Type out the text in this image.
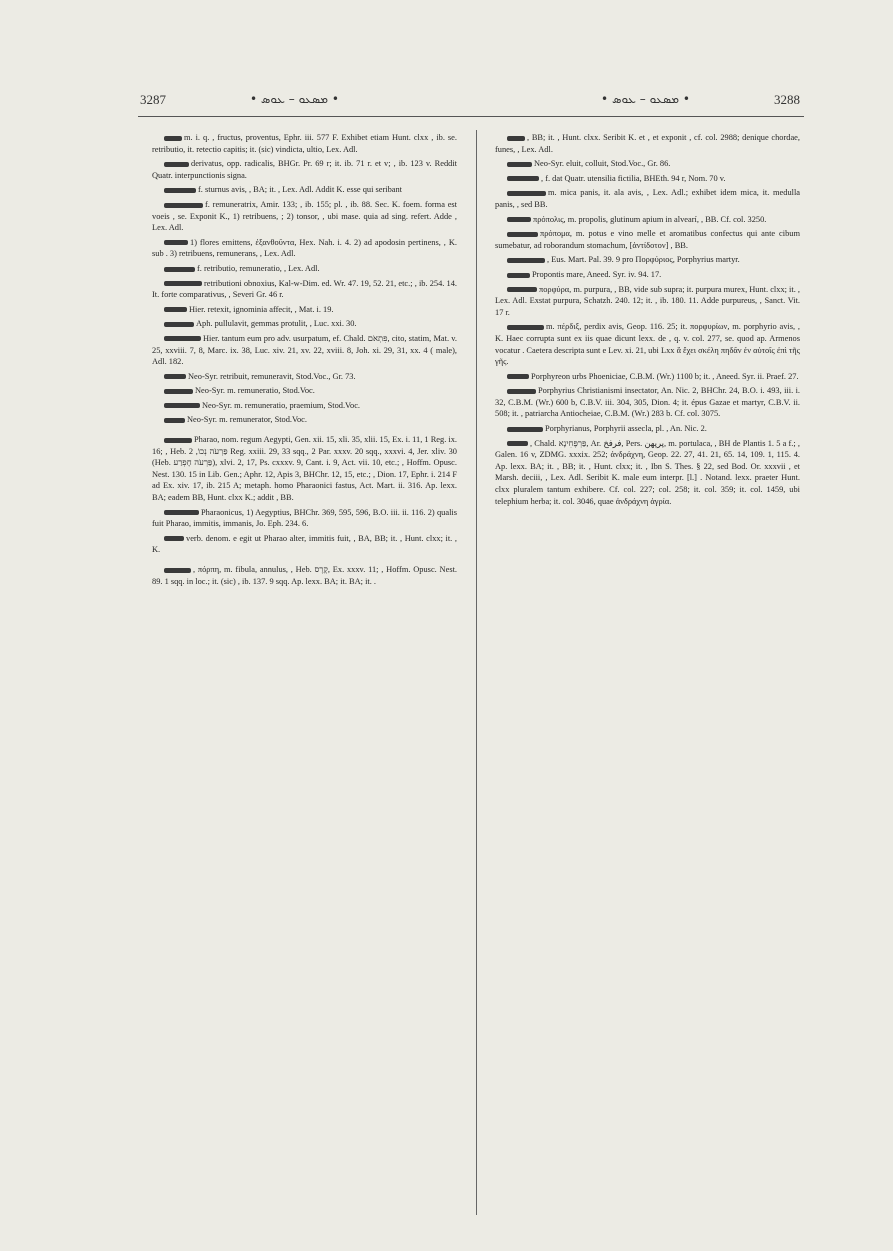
3287	• ܡܣܥܘ – ܥܘܣ •	• ܡܣܥܘ – ܥܘܣ •	3288

m. i. q. , fructus, proventus, Ephr. iii. 577 F. Exhibet etiam Hunt. clxx , ib. se. retributio, it. retectio capitis; it. (sic) vindicta, ultio, Lex. Adl.

derivatus, opp. radicalis, BHGr. Pr. 69 r; it. ib. 71 r. et v; , ib. 123 v. Reddit Quatr. interpunctionis signa.

f. sturnus avis, , BA; it. , Lex. Adl. Addit K. esse qui seribant

f. remuneratrix, Amir. 133; , ib. 155; pl. , ib. 88. Sec. K. foem. forma est voeis , se. Exponit K., 1) retribuens, ; 2) tonsor, , ubi mase. quia ad sing. refert. Adde , Lex. Adl.

1) flores emittens, ἐξανθοῦντα, Hex. Nah. i. 4. 2) ad apodosin pertinens, , K. sub . 3) retribuens, remunerans, , Lex. Adl.

f. retributio, remuneratio, , Lex. Adl.

retributioni obnoxius, Kal-w-Dim. ed. Wr. 47. 19, 52. 21, etc.; , ib. 254. 14. It. forte comparativus, , Severi Gr. 46 r.

Hier. retexit, ignominia affecit, , Mat. i. 19.

Aph. pullulavit, gemmas protulit, , Luc. xxi. 30.

Hier. tantum eum pro adv. usurpatum, ef. Chald. פִּתְאֹם, cito, statim, Mat. v. 25, xxviii. 7, 8, Marc. ix. 38, Luc. xiv. 21, xv. 22, xviii. 8, Joh. xi. 29, 31, xx. 4 ( male), Adl. 182.

Neo-Syr. retribuit, remuneravit, Stod.Voc., Gr. 73.

Neo-Syr. m. remuneratio, Stod.Voc.

Neo-Syr. m. remuneratio, praemium, Stod.Voc.

Neo-Syr. m. remunerator, Stod.Voc.

Pharao, nom. regum Aegypti, Gen. xii. 15, xli. 35, xlii. 15, Ex. i. 11, 1 Reg. ix. 16; , Heb. פַּרְעֹה נְכוֹ, 2 Reg. xxiii. 29, 33 sqq., 2 Par. xxxv. 20 sqq., xxxvi. 4, Jer. xliv. 30 (Heb. פַּרְעֹה חָפְרַע), xlvi. 2, 17, Ps. cxxxv. 9, Cant. i. 9, Act. vii. 10, etc.; , Hoffm. Opusc. Nest. 130. 15 in Lib. Gen.; Aphr. 12, Apis 3, BHChr. 12, 15, etc.; , Dion. 17, Ephr. i. 214 F ad Ex. xiv. 17, ib. 215 A; metaph. homo Pharaonici fastus, Act. Mart. ii. 316. Ap. lexx. BA; eadem BB, Hunt. clxx K.; addit , BB.

Pharaonicus, 1) Aegyptius, BHChr. 369, 595, 596, B.O. iii. ii. 116. 2) qualis fuit Pharao, immitis, immanis, Jo. Eph. 234. 6.

verb. denom. e egit ut Pharao alter, immitis fuit, , BA, BB; it. , Hunt. clxx; it. , K.

, πόρπη, m. fibula, annulus, , Heb. קֶרֶס, Ex. xxxv. 11; , Hoffm. Opusc. Nest. 89. 1 sqq. in loc.; it. (sic) , ib. 137. 9 sqq. Ap. lexx. BA; it. BA; it. .

, BB; it. , Hunt. clxx. Seribit K. et , et exponit , cf. col. 2988; denique chordae, funes, , Lex. Adl.

Neo-Syr. eluit, colluit, Stod.Voc., Gr. 86.

, f. dat Quatr. utensilia fictilia, BHEth. 94 r, Nom. 70 v.

m. mica panis, it. ala avis, , Lex. Adl.; exhibet idem mica, it. medulla panis, , sed BB.

πρόπολις, m. propolis, glutinum apium in alvearí, , BB. Cf. col. 3250.

πρόπομα, m. potus e vino melle et aromatibus confectus qui ante cibum sumebatur, ad roborandum stomachum, [ἀντίδοτον] , BB.

, Eus. Mart. Pal. 39. 9 pro Πορφύριος, Porphyrius martyr.

Propontis mare, Aneed. Syr. iv. 94. 17.

πορφύρα, m. purpura, , BB, vide sub supra; it. purpura murex, Hunt. clxx; it. , Lex. Adl. Exstat purpura, Schatzh. 240. 12; it. , ib. 180. 11. Adde purpureus, , Sanct. Vit. 17 r.

m. πέρδιξ, perdix avis, Geop. 116. 25; it. πορφυρίων, m. porphyrio avis, , K. Haec corrupta sunt ex iis quae dicunt lexx. de , q. v. col. 277, se. quod ap. Armenos vocatur . Caetera descripta sunt e Lev. xi. 21, ubi Lxx ἃ ἔχει σκέλη πηδᾶν ἐν αὐτοῖς ἐπὶ τῆς γῆς.

Porphyreon urbs Phoeniciae, C.B.M. (Wr.) 1100 b; it. , Aneed. Syr. ii. Praef. 27.

Porphyrius Christianismi insectator, An. Nic. 2, BHChr. 24, B.O. i. 493, iii. i. 32, C.B.M. (Wr.) 600 b, C.B.V. iii. 304, 305, Dion. 4; it. épus Gazae et martyr, C.B.V. ii. 508; it. , patriarcha Antiocheiae, C.B.M. (Wr.) 283 b. Cf. col. 3075.

Porphyrianus, Porphyrii assecla, pl. , An. Nic. 2.

, Chald. פַּרְפֶּחִינָא, Ar. فرفخ, Pers. پرپهن, m. portulaca, , BH de Plantis 1. 5 a f.; , Galen. 16 v, ZDMG. xxxix. 252; ἀνδράχνη, Geop. 22. 27, 41. 21, 65. 14, 109. 1, 115. 4. Ap. lexx. BA; it. , BB; it. , Hunt. clxx; it. , Ibn S. Thes. § 22, sed Bod. Or. xxxvii , et Marsh. deciii, , Lex. Adl. Seribit K. male eum interpr. [l.] . Notand. lexx. praeter Hunt. clxx pluralem tantum exhibere. Cf. col. 227; col. 258; it. col. 359; it. col. 1459, ubi telephium herba; it. col. 3046, quae ἀνδράχνη ἀγρία.
